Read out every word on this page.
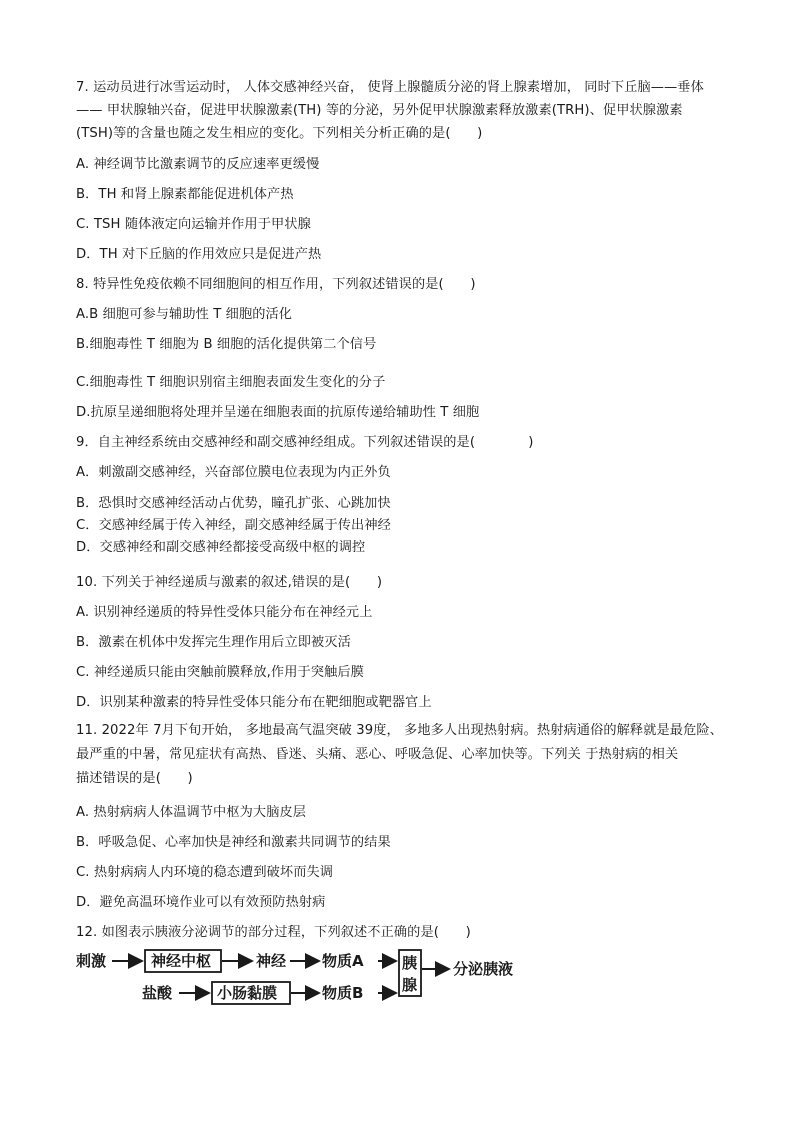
7. 运动员进行冰雪运动时， 人体交感神经兴奋， 使肾上腺髓质分泌的肾上腺素增加， 同时下丘脑——垂体
—— 甲状腺轴兴奋，促进甲状腺激素(TH) 等的分泌，另外促甲状腺激素释放激素(TRH)、促甲状腺激素
(TSH)等的含量也随之发生相应的变化。下列相关分析正确的是(　　)
A. 神经调节比激素调节的反应速率更缓慢
B．TH 和肾上腺素都能促进机体产热
C. TSH 随体液定向运输并作用于甲状腺
D．TH 对下丘脑的作用效应只是促进产热
8. 特异性免疫依赖不同细胞间的相互作用，下列叙述错误的是(　　)
A.B 细胞可参与辅助性 T 细胞的活化
B.细胞毒性 T 细胞为 B 细胞的活化提供第二个信号
C.细胞毒性 T 细胞识别宿主细胞表面发生变化的分子
D.抗原呈递细胞将处理并呈递在细胞表面的抗原传递给辅助性 T 细胞
9．自主神经系统由交感神经和副交感神经组成。下列叙述错误的是(　　　　)
A．刺激副交感神经，兴奋部位膜电位表现为内正外负
B．恐惧时交感神经活动占优势，瞳孔扩张、心跳加快
C．交感神经属于传入神经，副交感神经属于传出神经
D．交感神经和副交感神经都接受高级中枢的调控
10. 下列关于神经递质与激素的叙述,错误的是(　　)
A. 识别神经递质的特异性受体只能分布在神经元上
B．激素在机体中发挥完生理作用后立即被灭活
C. 神经递质只能由突触前膜释放,作用于突触后膜
D．识别某种激素的特异性受体只能分布在靶细胞或靶器官上
11. 2022年 7月下旬开始， 多地最高气温突破 39度， 多地多人出现热射病。热射病通俗的解释就是最危险、
最严重的中暑，常见症状有高热、昏迷、头痛、恶心、呼吸急促、心率加快等。下列关 于热射病的相关
描述错误的是(　　)
A. 热射病病人体温调节中枢为大脑皮层
B．呼吸急促、心率加快是神经和激素共同调节的结果
C. 热射病病人内环境的稳态遭到破坏而失调
D．避免高温环境作业可以有效预防热射病
12. 如图表示胰液分泌调节的部分过程，下列叙述不正确的是(　　)
刺激	神经中枢	神经 物质A	胰
腺
分泌胰液
盐酸	小肠黏膜	物质B
